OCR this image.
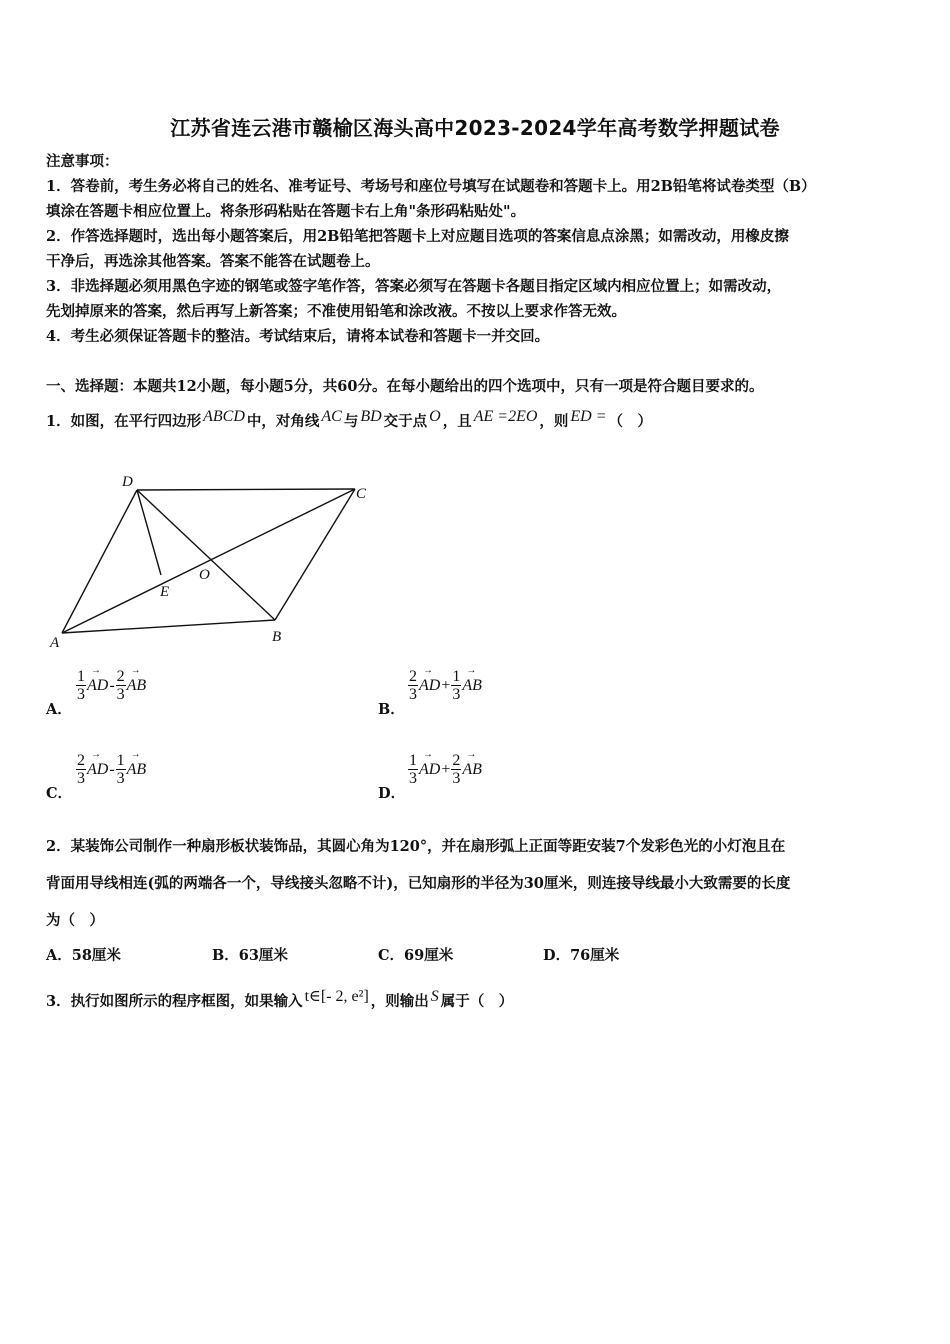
江苏省连云港市赣榆区海头高中2023-2024学年高考数学押题试卷
注意事项：
1．答卷前，考生务必将自己的姓名、准考证号、考场号和座位号填写在试题卷和答题卡上。用2B铅笔将试卷类型（B）
填涂在答题卡相应位置上。将条形码粘贴在答题卡右上角"条形码粘贴处"。
2．作答选择题时，选出每小题答案后，用2B铅笔把答题卡上对应题目选项的答案信息点涂黑；如需改动，用橡皮擦
干净后，再选涂其他答案。答案不能答在试题卷上。
3．非选择题必须用黑色字迹的钢笔或签字笔作答，答案必须写在答题卡各题目指定区域内相应位置上；如需改动，
先划掉原来的答案，然后再写上新答案；不准使用铅笔和涂改液。不按以上要求作答无效。
4．考生必须保证答题卡的整洁。考试结束后，请将本试卷和答题卡一并交回。
一、选择题：本题共12小题，每小题5分，共60分。在每小题给出的四个选项中，只有一项是符合题目要求的。
1．如图，在平行四边形 ABCD 中，对角线 AC 与 BD 交于点 O ，且 AE =2EO ，则 ED = （　）
A	B
C
D
E
O
A．
$\frac{1}{3}$ → AD - $\frac{2}{3}$ → AB
B．
$\frac{2}{3}$ → AD + $\frac{1}{3}$ → AB
C．
$\frac{2}{3}$ → AD - $\frac{1}{3}$ → AB
D．
$\frac{1}{3}$ → AD + $\frac{2}{3}$ → AB
2．某装饰公司制作一种扇形板状装饰品，其圆心角为120°，并在扇形弧上正面等距安装7个发彩色光的小灯泡且在
背面用导线相连(弧的两端各一个，导线接头忽略不计)，已知扇形的半径为30厘米，则连接导线最小大致需要的长度
为（　）
A．58厘米	B．63厘米	C．69厘米	D．76厘米
3．执行如图所示的程序框图，如果输入 t∈[- 2, e²] ，则输出 S 属于（　）
